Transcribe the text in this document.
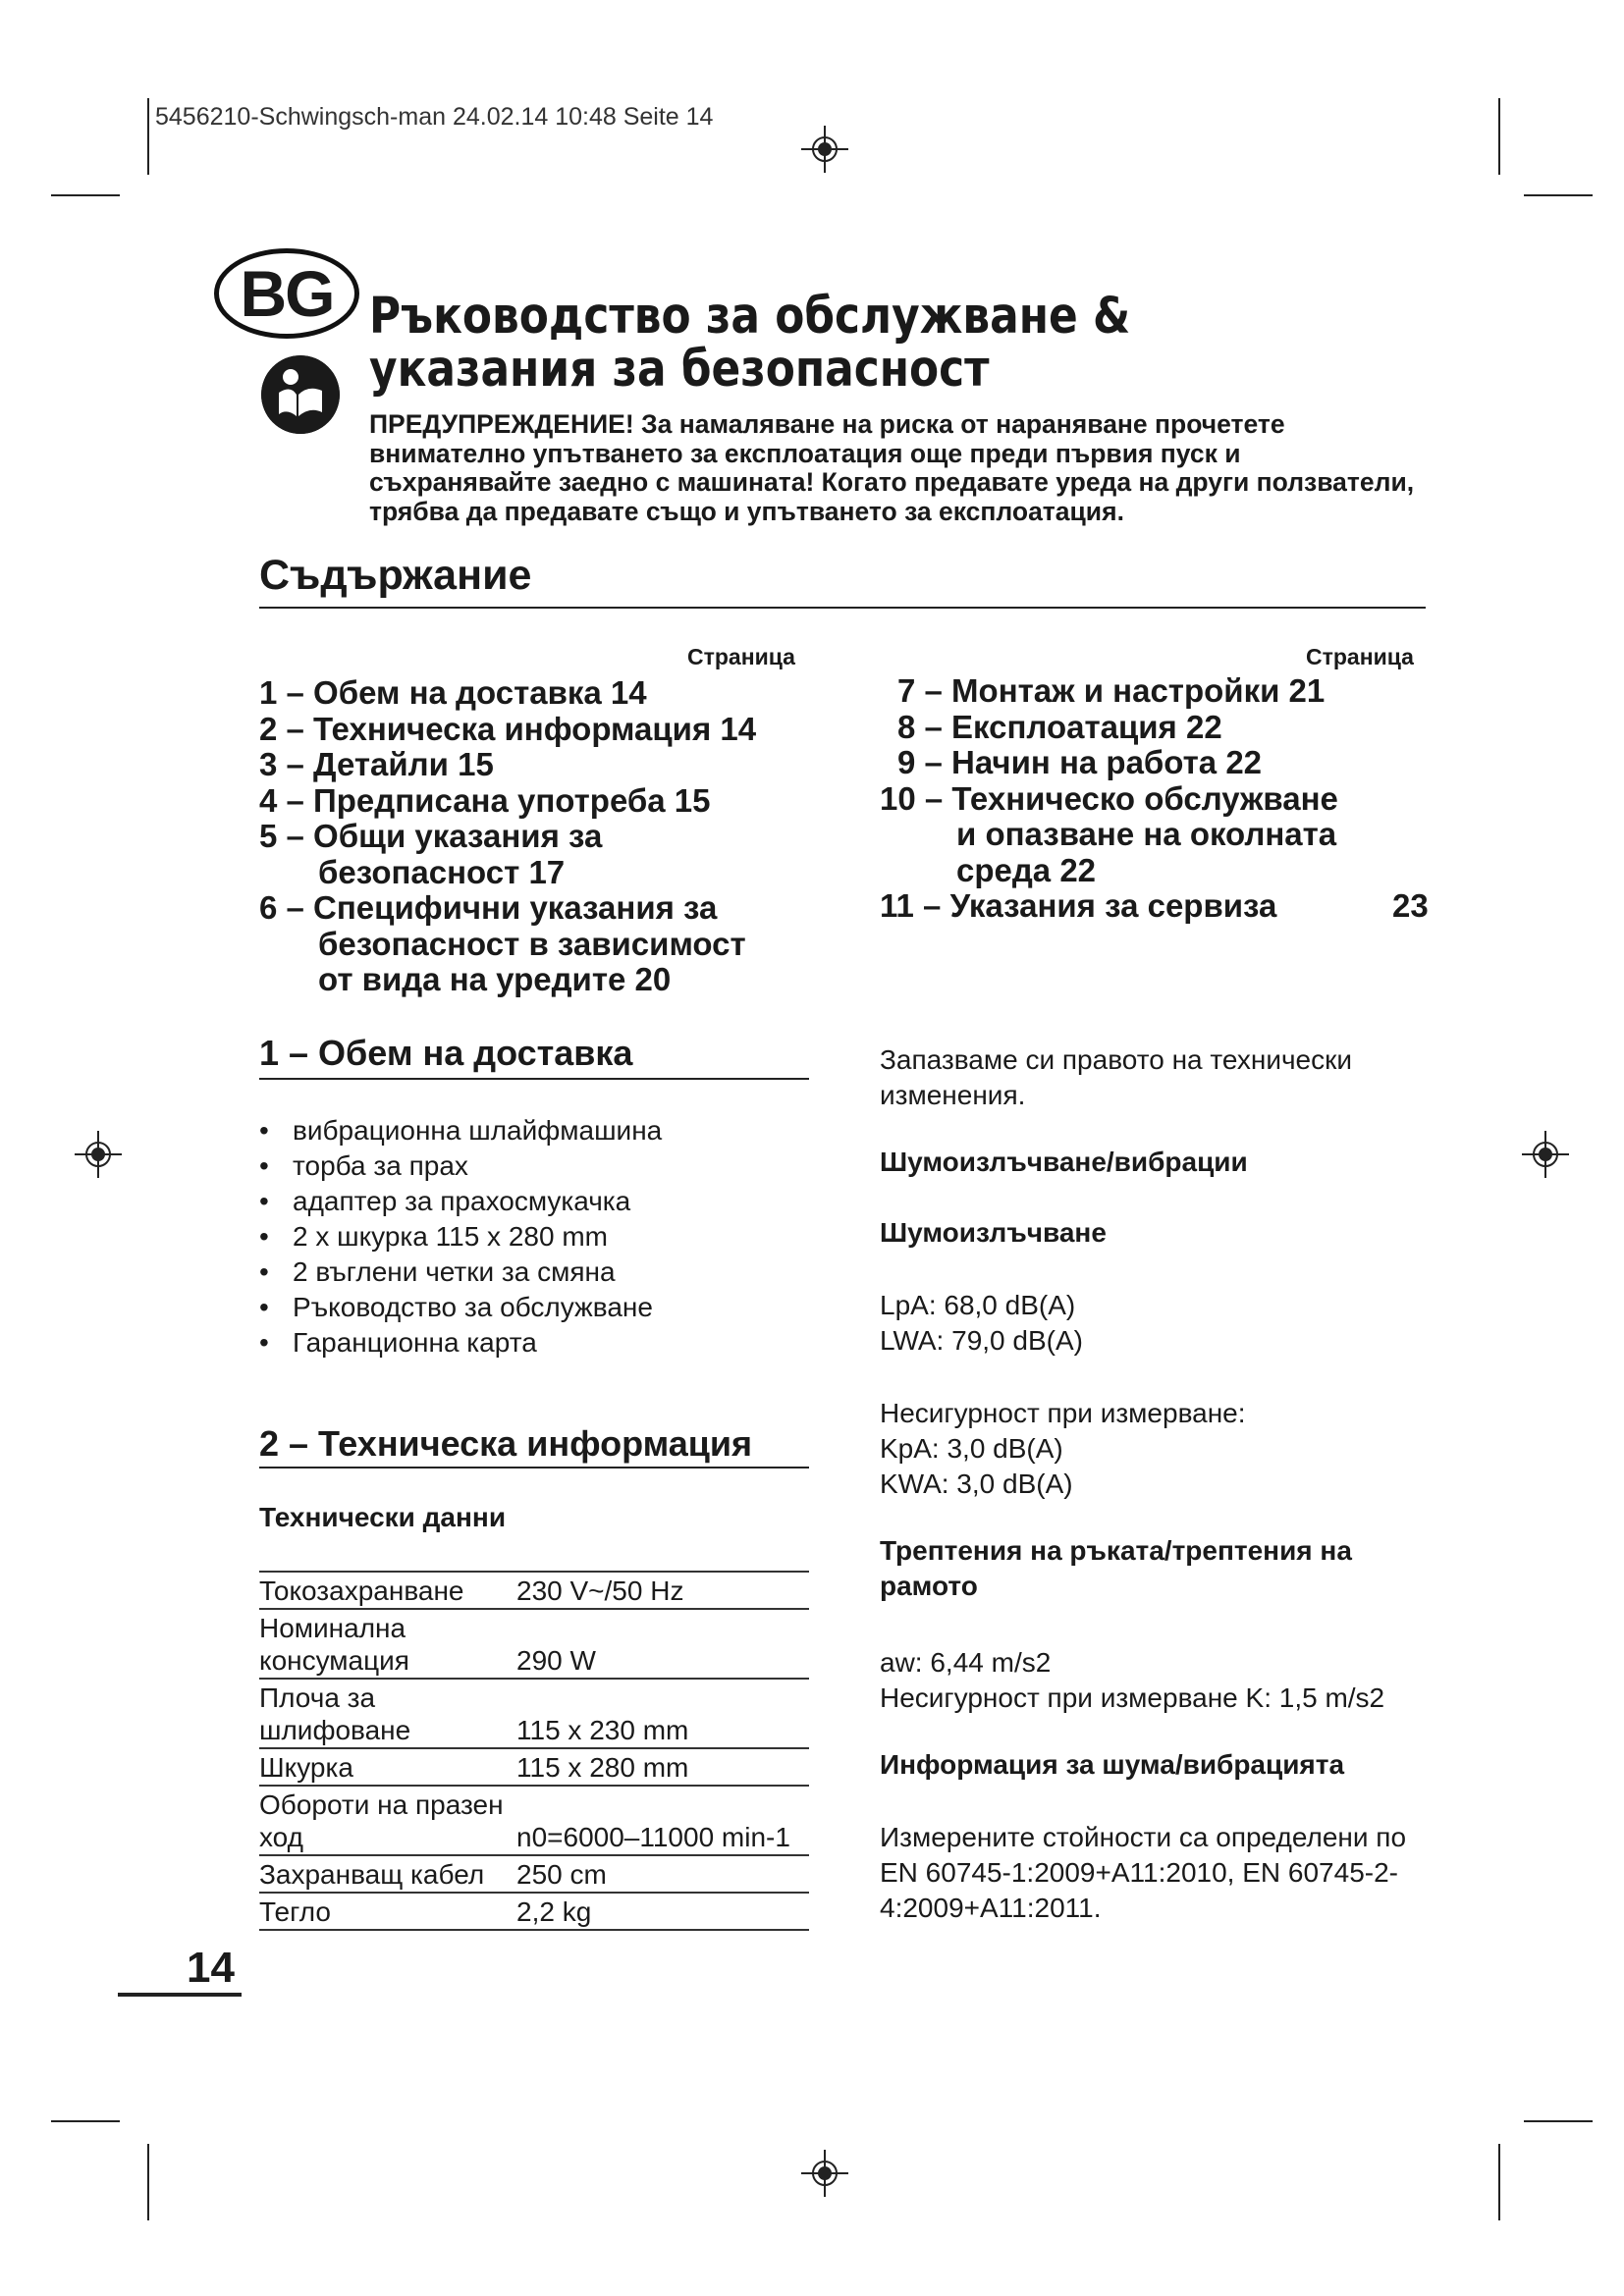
5456210-Schwingsch-man 24.02.14 10:48 Seite 14
BG Ръководство за обслужване & указания за безопасност
ПРЕДУПРЕЖДЕНИЕ! За намаляване на риска от нараняване прочетете внимателно упътването за експлоатация още преди първия пуск и съхранявайте заедно с машината! Когато предавате уреда на други ползватели, трябва да предавате също и упътването за експлоатация.
Съдържание
Страница	Страница
1 – Обем на доставка 14
2 – Техническа информация 14
3 – Детайли 15
4 – Предписана употреба 15
5 – Общи указания за
безопасност 17
6 – Специфични указания за
безопасност в зависимост
от вида на уредите 20
7 – Монтаж и настройки 21
8 – Експлоатация 22
9 – Начин на работа 22
10 – Техническо обслужване
и опазване на околната
среда 22
11 – Указания за сервиза	23
1 – Обем на доставка
• вибрационна шлайфмашина
• торба за прах
• адаптер за прахосмукачка
• 2 x шкурка 115 x 280 mm
• 2 въглени четки за смяна
• Ръководство за обслужване
• Гаранционна карта
2 – Техническа информация
Технически данни
Токозахранване	230 V~/50 Hz
Номинална консумация	290 W
Плоча за шлифоване	115 x 230 mm
Шкурка	115 x 280 mm
Обороти на празен ход	n0=6000–11000 min-1
Захранващ кабел	250 cm
Тегло	2,2 kg
Запазваме си правото на технически изменения.
Шумоизлъчване/вибрации
Шумоизлъчване
LpA: 68,0 dB(A)
LWA: 79,0 dB(A)
Несигурност при измерване:
KpA: 3,0 dB(A)
KWA: 3,0 dB(A)
Трептения на ръката/трептения на рамото
aw: 6,44 m/s2
Несигурност при измерване K: 1,5 m/s2
Информация за шума/вибрацията
Измерените стойности са определени по EN 60745-1:2009+A11:2010, EN 60745-2-4:2009+A11:2011.
14
